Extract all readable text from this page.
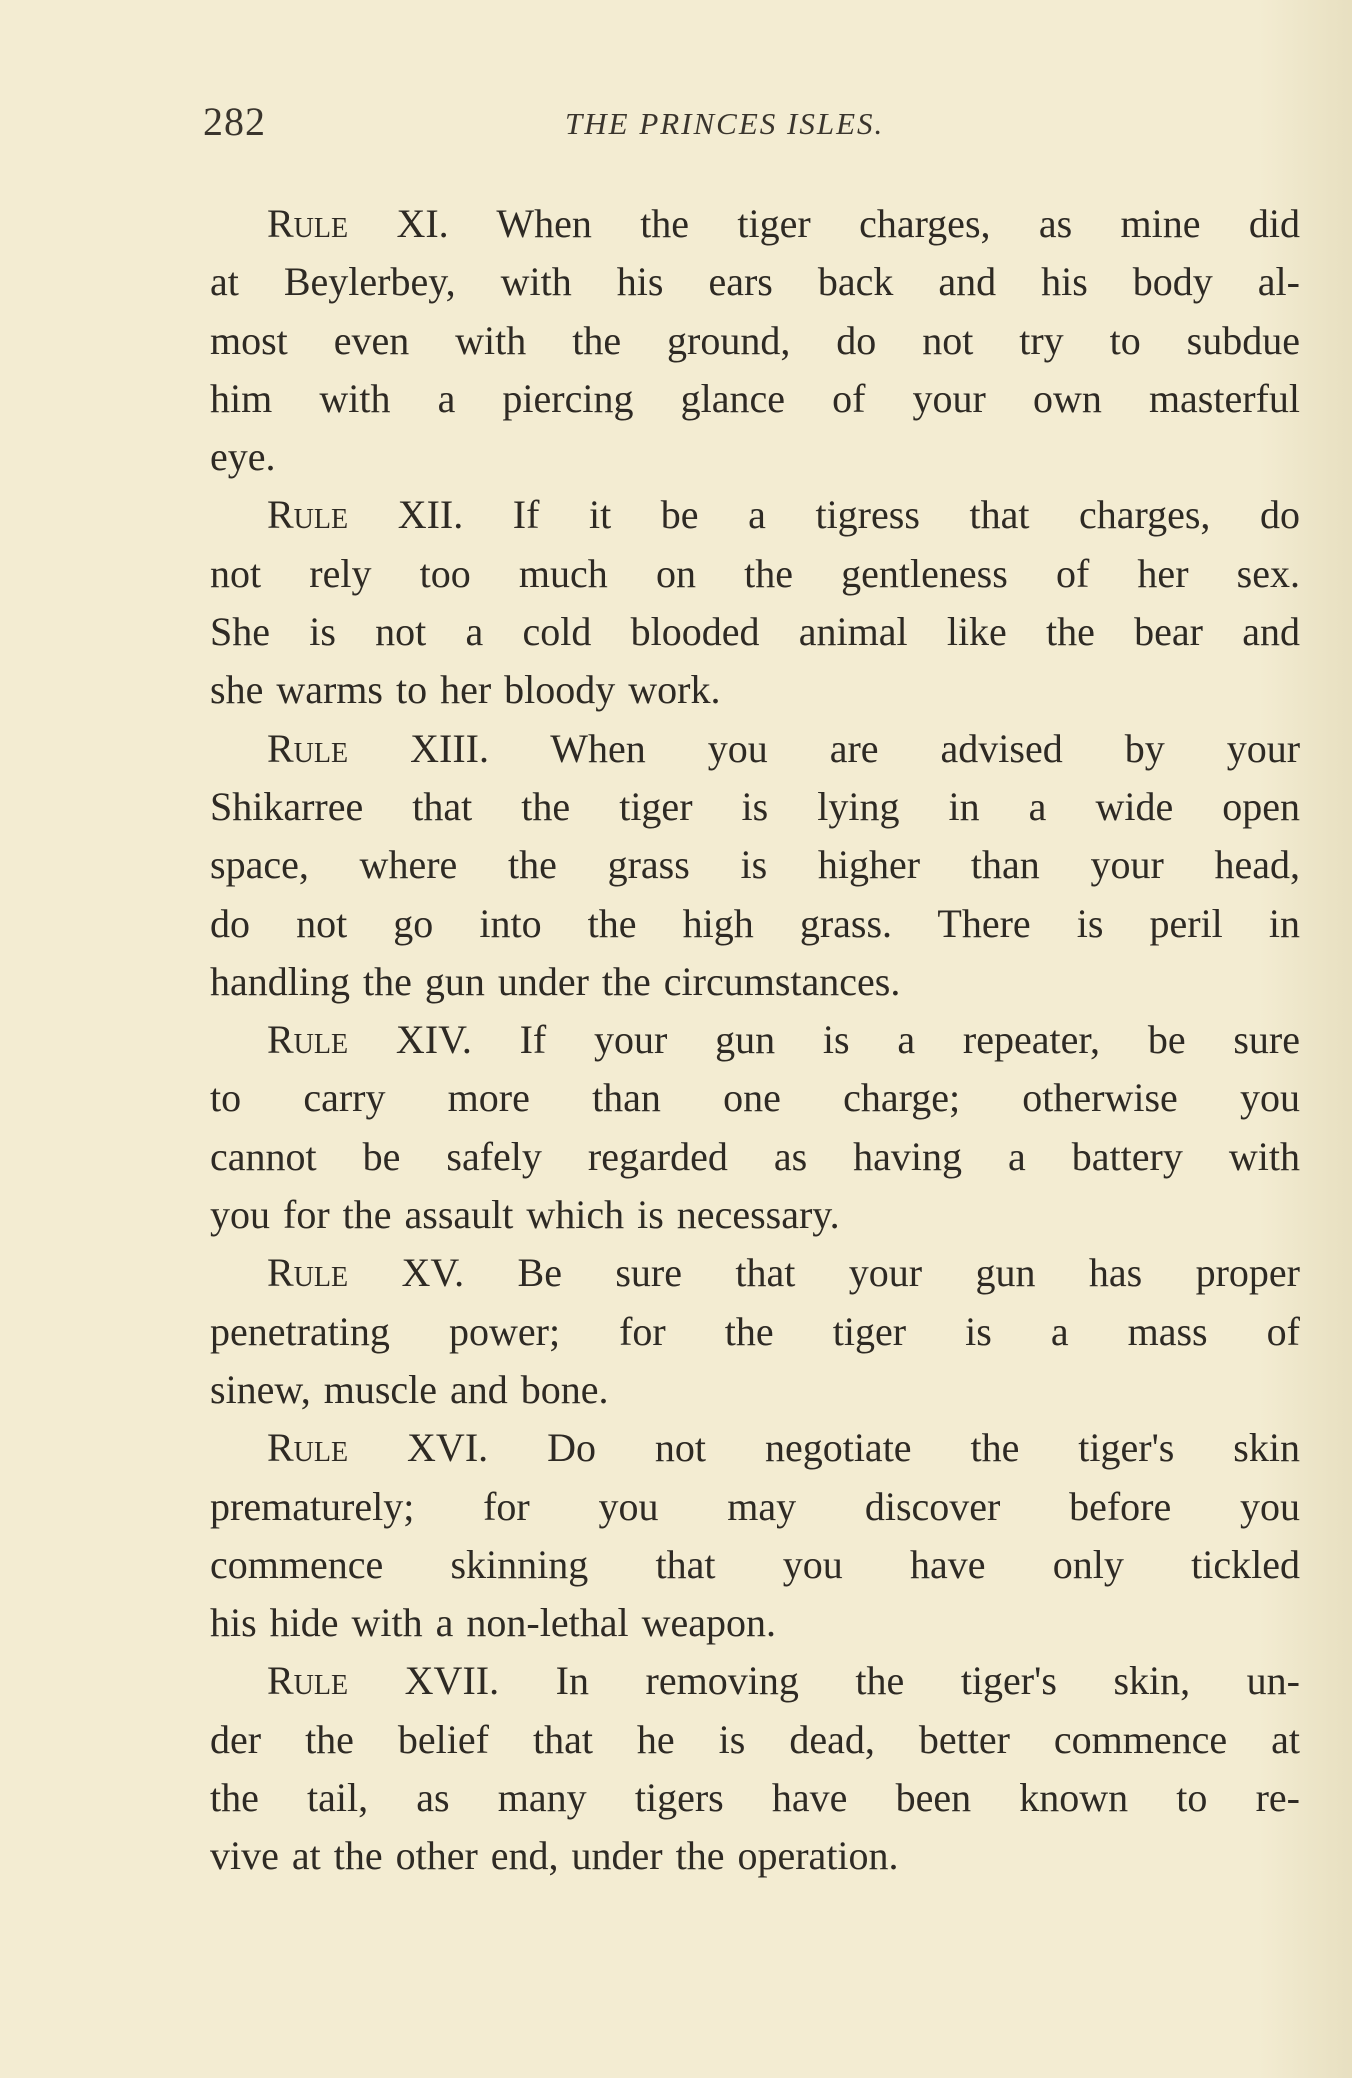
282	THE PRINCES ISLES.
Rule XI. When the tiger charges, as mine did
at Beylerbey, with his ears back and his body al-
most even with the ground, do not try to subdue
him with a piercing glance of your own masterful
eye.
Rule XII. If it be a tigress that charges, do
not rely too much on the gentleness of her sex.
She is not a cold blooded animal like the bear and
she warms to her bloody work.
Rule XIII. When you are advised by your
Shikarree that the tiger is lying in a wide open
space, where the grass is higher than your head,
do not go into the high grass. There is peril in
handling the gun under the circumstances.
Rule XIV. If your gun is a repeater, be sure
to carry more than one charge; otherwise you
cannot be safely regarded as having a battery with
you for the assault which is necessary.
Rule XV. Be sure that your gun has proper
penetrating power; for the tiger is a mass of
sinew, muscle and bone.
Rule XVI. Do not negotiate the tiger's skin
prematurely; for you may discover before you
commence skinning that you have only tickled
his hide with a non-lethal weapon.
Rule XVII. In removing the tiger's skin, un-
der the belief that he is dead, better commence at
the tail, as many tigers have been known to re-
vive at the other end, under the operation.
